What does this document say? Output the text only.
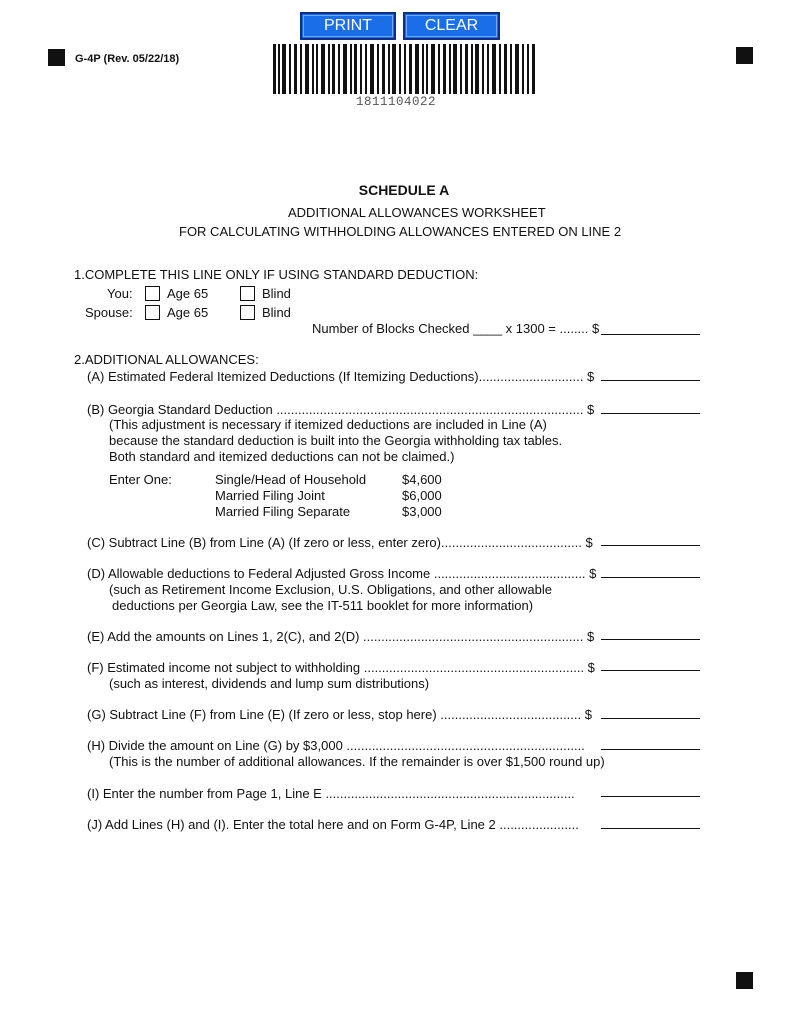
PRINT	CLEAR
G-4P (Rev. 05/22/18)
1811104022
SCHEDULE A
ADDITIONAL ALLOWANCES WORKSHEET
FOR CALCULATING WITHHOLDING ALLOWANCES ENTERED ON LINE 2
1.COMPLETE THIS LINE ONLY IF USING STANDARD DEDUCTION:
You:	Age 65	Blind
Spouse:	Age 65	Blind
Number of Blocks Checked ____ x 1300 = ........ $
2.ADDITIONAL ALLOWANCES:
(A) Estimated Federal Itemized Deductions (If Itemizing Deductions)............................. $
(B) Georgia Standard Deduction ..................................................................................... $
(This adjustment is necessary if itemized deductions are included in Line (A)
because the standard deduction is built into the Georgia withholding tax tables.
Both standard and itemized deductions can not be claimed.)
Enter One:	Single/Head of Household	$4,600
Married Filing Joint	$6,000
Married Filing Separate	$3,000
(C) Subtract Line (B) from Line (A) (If zero or less, enter zero)....................................... $
(D) Allowable deductions to Federal Adjusted Gross Income .......................................... $
(such as Retirement Income Exclusion, U.S. Obligations, and other allowable
deductions per Georgia Law, see the IT-511 booklet for more information)
(E) Add the amounts on Lines 1, 2(C), and 2(D) ............................................................. $
(F) Estimated income not subject to withholding ............................................................. $
(such as interest, dividends and lump sum distributions)
(G) Subtract Line (F) from Line (E) (If zero or less, stop here) ....................................... $
(H) Divide the amount on Line (G) by $3,000 ..................................................................
(This is the number of additional allowances. If the remainder is over $1,500 round up)
(I) Enter the number from Page 1, Line E .....................................................................
(J) Add Lines (H) and (I). Enter the total here and on Form G-4P, Line 2 ......................
